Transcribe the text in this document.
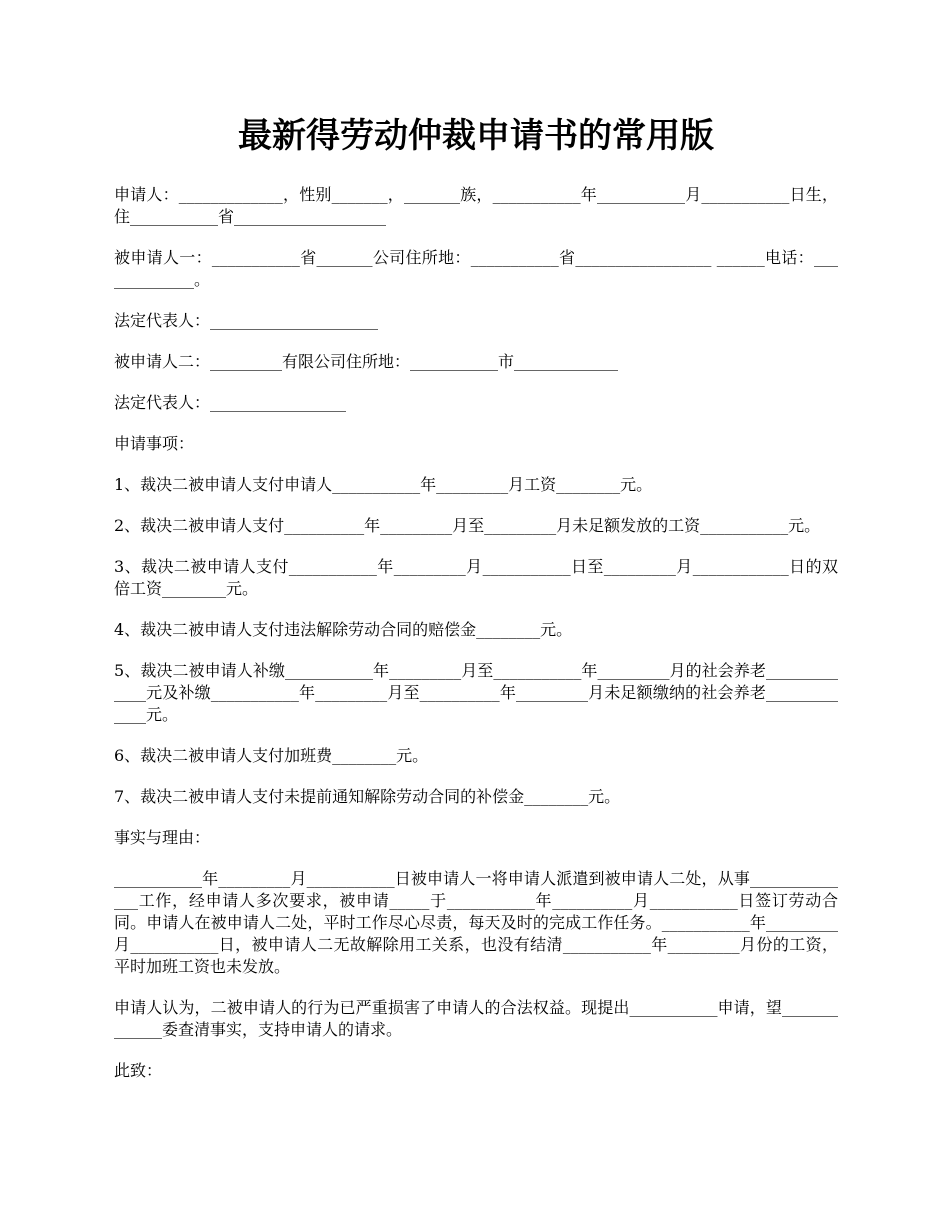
最新得劳动仲裁申请书的常用版

申请人：_____________，性别_______，_______族，___________年___________月___________日生，住___________省___________________

被申请人一：___________省_______公司住所地：___________省_________________ ______电话：_____________。

法定代表人：_____________________

被申请人二：_________有限公司住所地：___________市_____________

法定代表人：_________________

申请事项：

1、裁决二被申请人支付申请人___________年_________月工资________元。

2、裁决二被申请人支付__________年_________月至_________月未足额发放的工资___________元。

3、裁决二被申请人支付___________年_________月___________日至_________月____________日的双倍工资________元。

4、裁决二被申请人支付违法解除劳动合同的赔偿金________元。

5、裁决二被申请人补缴___________年_________月至___________年_________月的社会养老_____________元及补缴___________年_________月至__________年_________月未足额缴纳的社会养老_____________元。

6、裁决二被申请人支付加班费________元。

7、裁决二被申请人支付未提前通知解除劳动合同的补偿金________元。

事实与理由：

___________年_________月___________日被申请人一将申请人派遣到被申请人二处，从事______________工作，经申请人多次要求，被申请_____于___________年__________月___________日签订劳动合同。申请人在被申请人二处，平时工作尽心尽责，每天及时的完成工作任务。___________年_________月___________日，被申请人二无故解除用工关系，也没有结清___________年_________月份的工资，平时加班工资也未发放。

申请人认为，二被申请人的行为已严重损害了申请人的合法权益。现提出___________申请，望_____________委查清事实，支持申请人的请求。

此致：
